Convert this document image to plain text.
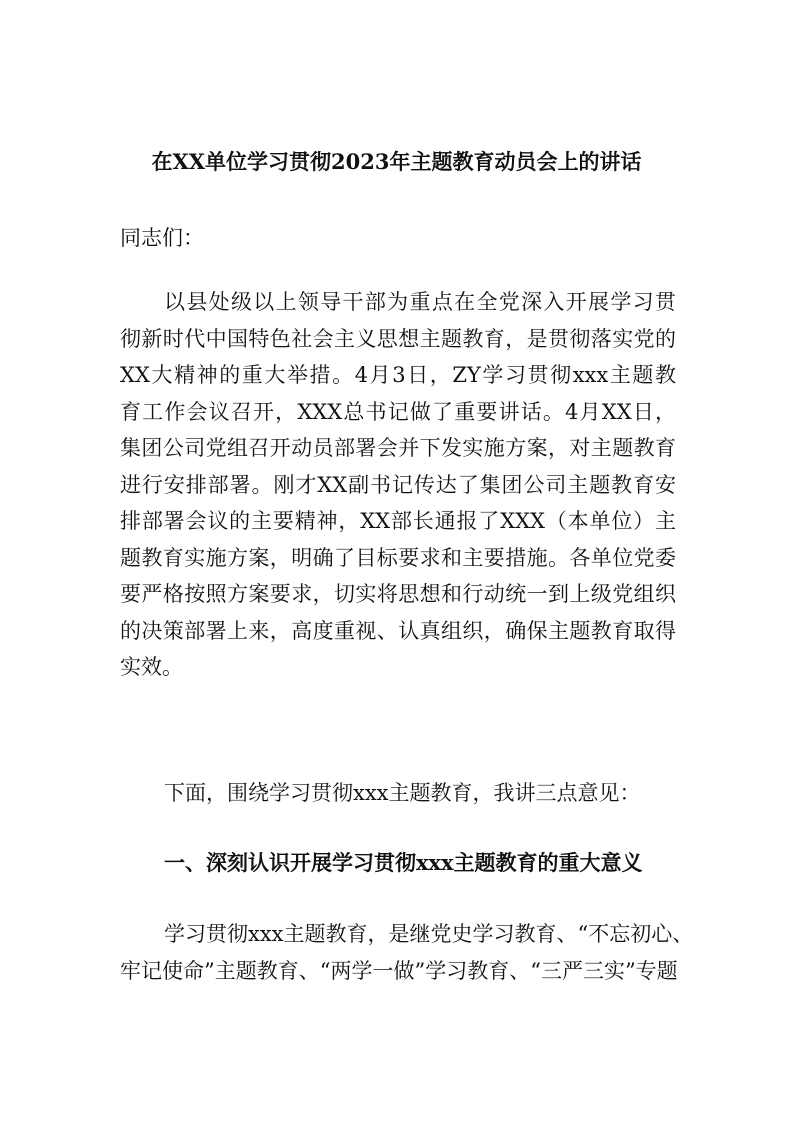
在XX单位学习贯彻2023年主题教育动员会上的讲话
同志们：
以县处级以上领导干部为重点在全党深入开展学习贯
彻新时代中国特色社会主义思想主题教育，是贯彻落实党的
XX大精神的重大举措。4月3日，ZY学习贯彻xxx主题教
育工作会议召开，XXX总书记做了重要讲话。4月XX日，
集团公司党组召开动员部署会并下发实施方案，对主题教育
进行安排部署。刚才XX副书记传达了集团公司主题教育安
排部署会议的主要精神，XX部长通报了XXX（本单位）主
题教育实施方案，明确了目标要求和主要措施。各单位党委
要严格按照方案要求，切实将思想和行动统一到上级党组织
的决策部署上来，高度重视、认真组织，确保主题教育取得
实效。
下面，围绕学习贯彻xxx主题教育，我讲三点意见：
一、深刻认识开展学习贯彻xxx主题教育的重大意义
学习贯彻xxx主题教育，是继党史学习教育、“不忘初心、
牢记使命”主题教育、“两学一做”学习教育、“三严三实”专题
